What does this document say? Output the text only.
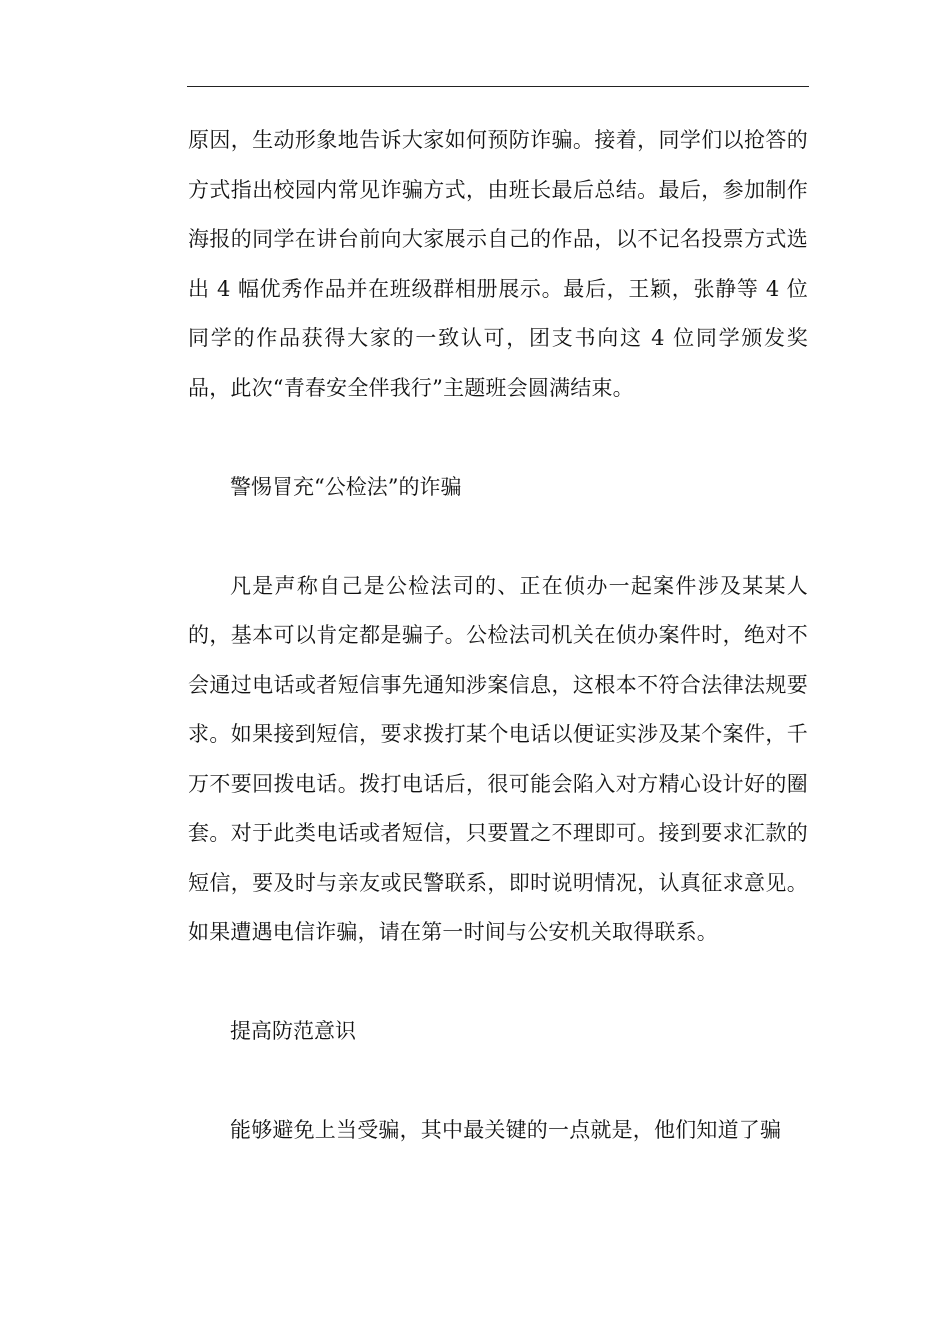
原因，生动形象地告诉大家如何预防诈骗。接着，同学们以抢答的方式指出校园内常见诈骗方式，由班长最后总结。最后，参加制作海报的同学在讲台前向大家展示自己的作品，以不记名投票方式选出 4 幅优秀作品并在班级群相册展示。最后，王颖，张静等 4 位同学的作品获得大家的一致认可，团支书向这 4 位同学颁发奖品，此次“青春安全伴我行”主题班会圆满结束。

警惕冒充“公检法”的诈骗

凡是声称自己是公检法司的、正在侦办一起案件涉及某某人的，基本可以肯定都是骗子。公检法司机关在侦办案件时，绝对不会通过电话或者短信事先通知涉案信息，这根本不符合法律法规要求。如果接到短信，要求拨打某个电话以便证实涉及某个案件，千万不要回拨电话。拨打电话后，很可能会陷入对方精心设计好的圈套。对于此类电话或者短信，只要置之不理即可。接到要求汇款的短信，要及时与亲友或民警联系，即时说明情况，认真征求意见。如果遭遇电信诈骗，请在第一时间与公安机关取得联系。

提高防范意识

能够避免上当受骗，其中最关键的一点就是，他们知道了骗
